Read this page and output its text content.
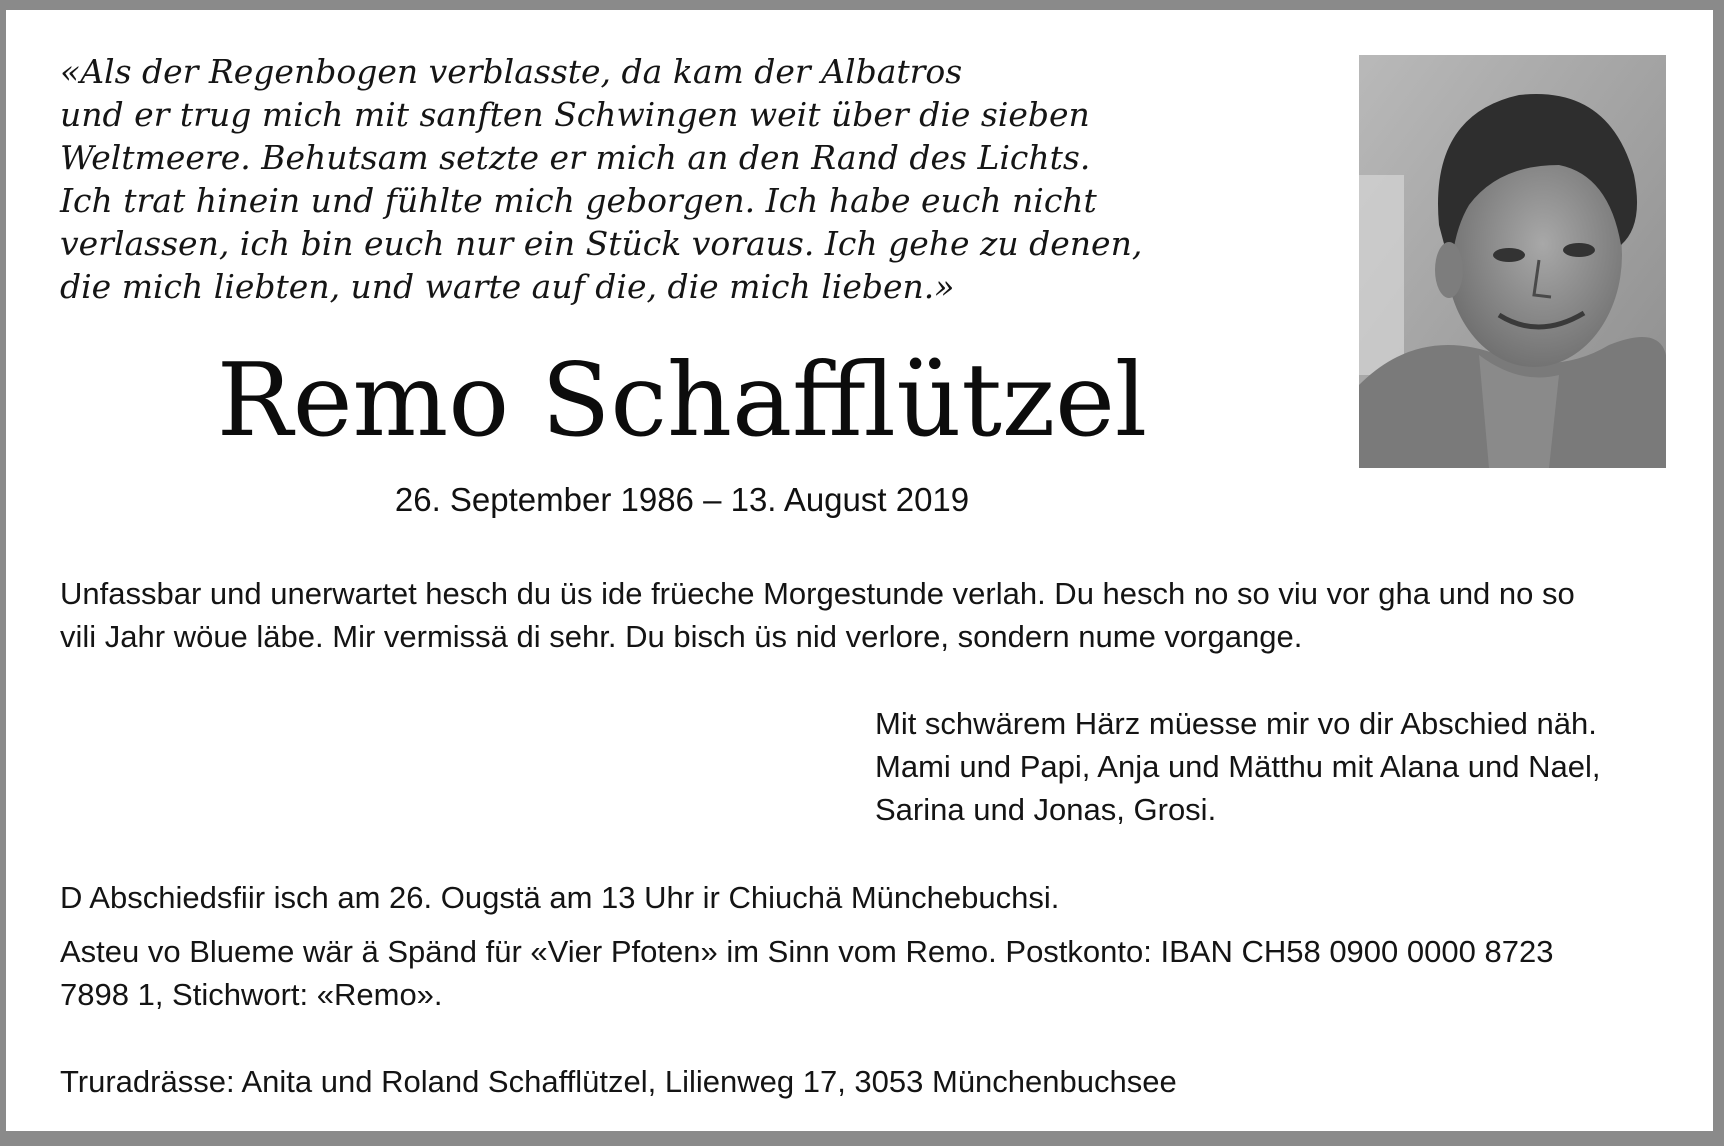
«Als der Regenbogen verblasste, da kam der Albatros
und er trug mich mit sanften Schwingen weit über die sieben
Weltmeere. Behutsam setzte er mich an den Rand des Lichts.
Ich trat hinein und fühlte mich geborgen. Ich habe euch nicht
verlassen, ich bin euch nur ein Stück voraus. Ich gehe zu denen,
die mich liebten, und warte auf die, die mich lieben.»
Remo Schafflützel
26. September 1986 – 13. August 2019
Unfassbar und unerwartet hesch du üs ide früeche Morgestunde verlah. Du hesch no so viu vor gha und no so
vili Jahr wöue läbe. Mir vermissä di sehr. Du bisch üs nid verlore, sondern nume vorgange.
Mit schwärem Härz müesse mir vo dir Abschied näh.
Mami und Papi, Anja und Mätthu mit Alana und Nael,
Sarina und Jonas, Grosi.
D Abschiedsfiir isch am 26. Ougstä am 13 Uhr ir Chiuchä Münchebuchsi.
Asteu vo Blueme wär ä Spänd für «Vier Pfoten» im Sinn vom Remo. Postkonto: IBAN CH58 0900 0000 8723
7898 1, Stichwort: «Remo».
Truradrässe: Anita und Roland Schafflützel, Lilienweg 17, 3053 Münchenbuchsee
